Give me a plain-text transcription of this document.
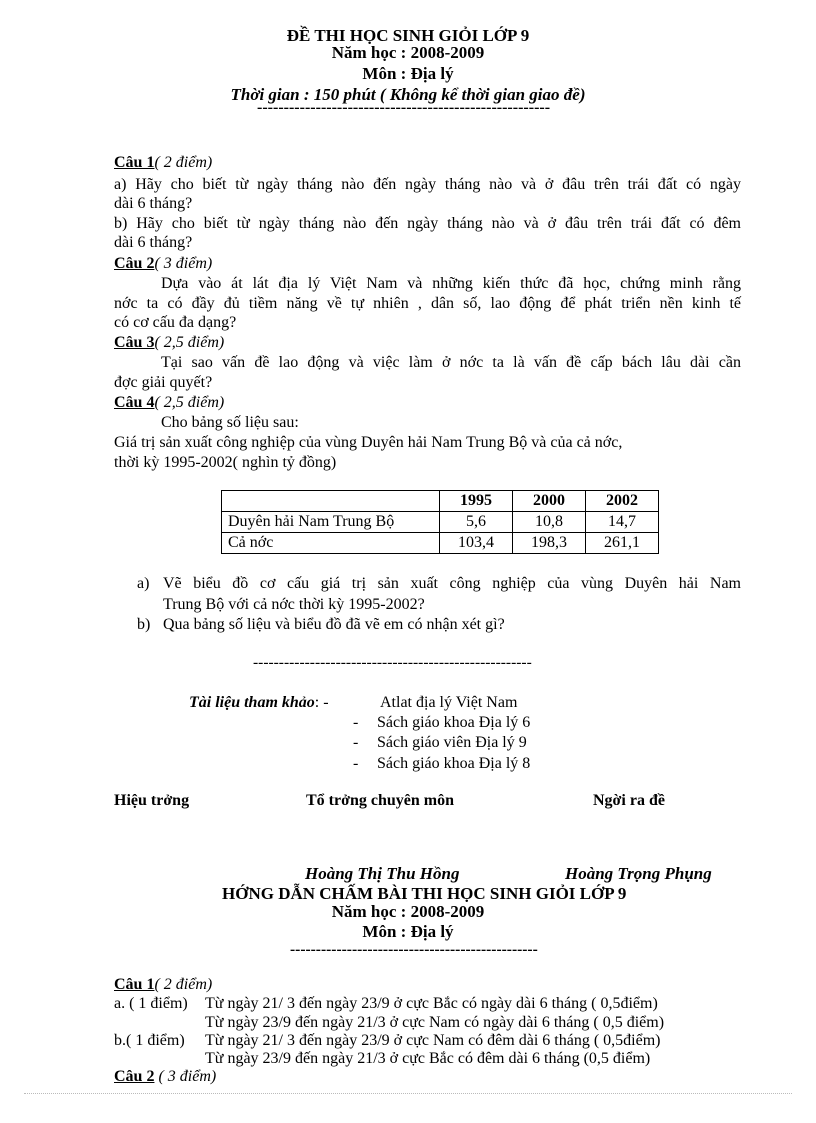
ĐỀ THI HỌC SINH GIỎI LỚP 9
Năm học : 2008-2009
Môn : Địa lý
Thời gian : 150 phút ( Không kể thời gian giao đề)
-------------------------------------------------------
Câu 1( 2 điểm)
a) Hãy cho biết từ ngày tháng nào đến ngày tháng nào và ở đâu trên trái đất có ngày
dài 6 tháng?
b) Hãy cho biết từ ngày tháng nào đến ngày tháng nào và ở đâu trên trái đất có đêm
dài 6 tháng?
Câu 2( 3 điểm)
Dựa vào át lát địa lý Việt Nam và những kiến thức đã học, chứng minh rằng
nớc ta có đầy đủ tiềm năng về tự nhiên , dân số, lao động để phát triển nền kinh tế
có cơ cấu đa dạng?
Câu 3( 2,5 điểm)
Tại sao vấn đề lao động và việc làm ở nớc ta là vấn đề cấp bách lâu dài cần
đợc giải quyết?
Câu 4( 2,5 điểm)
Cho bảng số liệu sau:
Giá trị sản xuất công nghiệp của vùng Duyên hải Nam Trung Bộ và của cả nớc,
thời kỳ 1995-2002( nghìn tỷ đồng)
	1995	2000	2002
Duyên hải Nam Trung Bộ	5,6	10,8	14,7
Cả nớc	103,4	198,3	261,1
a) Vẽ biểu đồ cơ cấu giá trị sản xuất công nghiệp của vùng Duyên hải Nam
Trung Bộ với cả nớc thời kỳ 1995-2002?
b) Qua bảng số liệu và biểu đồ đã vẽ em có nhận xét gì?
------------------------------------------------------
Tài liệu tham khảo: -	Atlat địa lý Việt Nam
- Sách giáo khoa Địa lý 6
- Sách giáo viên Địa lý 9
- Sách giáo khoa Địa lý 8
Hiệu trởng	Tổ trởng chuyên môn	Ngời ra đề
Hoàng Thị Thu Hồng	Hoàng Trọng Phụng
HỚNG DẪN CHẤM BÀI THI HỌC SINH GIỎI LỚP 9
Năm học : 2008-2009
Môn : Địa lý
------------------------------------------------
Câu 1( 2 điểm)
a. ( 1 điểm) Từ ngày 21/ 3 đến ngày 23/9 ở cực Bắc có ngày dài 6 tháng ( 0,5điểm)
Từ ngày 23/9 đến ngày 21/3 ở cực Nam có ngày dài 6 tháng ( 0,5 điểm)
b.( 1 điểm) Từ ngày 21/ 3 đến ngày 23/9 ở cực Nam có đêm dài 6 tháng ( 0,5điểm)
Từ ngày 23/9 đến ngày 21/3 ở cực Bắc có đêm dài 6 tháng (0,5 điểm)
Câu 2 ( 3 điểm)
